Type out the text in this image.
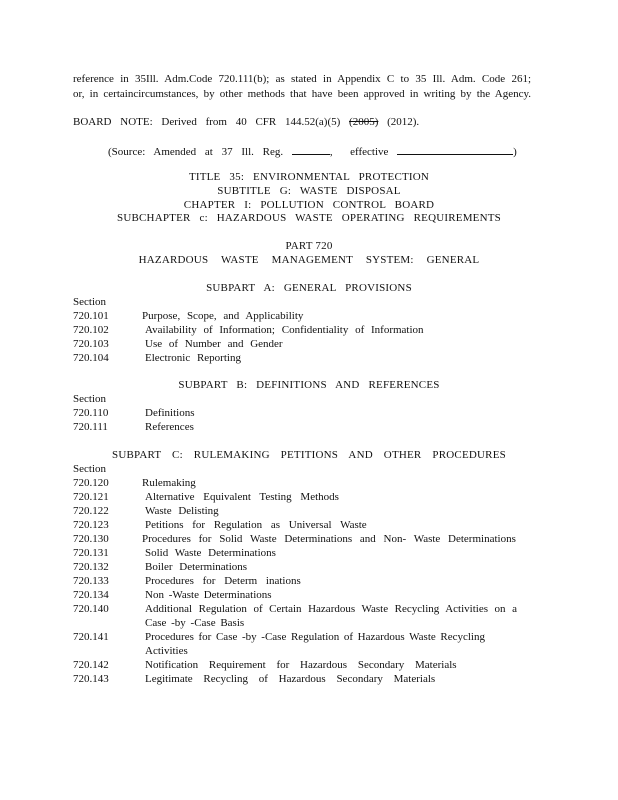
reference in 35Ill. Adm.Code 720.111(b); as stated in Appendix C to 35 Ill. Adm. Code 261;
or, in certaincircumstances, by other methods that have been approved in writing by the Agency.
BOARD NOTE: Derived from 40 CFR 144.52(a)(5) (2005) (2012).
(Source: Amended at 37 Ill. Reg.	, effective	)
TITLE 35: ENVIRONMENTAL PROTECTION
SUBTITLE G: WASTE DISPOSAL
CHAPTER I: POLLUTION CONTROL BOARD
SUBCHAPTER c: HAZARDOUS WASTE OPERATING REQUIREMENTS
PART 720
HAZARDOUS WASTE MANAGEMENT SYSTEM: GENERAL
SUBPART A: GENERAL PROVISIONS
Section
720.101	Purpose, Scope, and Applicability
720.102	Availability of Information; Confidentiality of Information
720.103	Use of Number and Gender
720.104	Electronic Reporting
SUBPART B: DEFINITIONS AND REFERENCES
Section
720.110	Definitions
720.111	References
SUBPART C: RULEMAKING PETITIONS AND OTHER PROCEDURES
Section
720.120	Rulemaking
720.121	Alternative Equivalent Testing Methods
720.122	Waste Delisting
720.123	Petitions for Regulation as Universal Waste
720.130	Procedures for Solid Waste Determinations and Non- Waste Determinations
720.131	Solid Waste Determinations
720.132	Boiler Determinations
720.133	Procedures for Determ inations
720.134	Non -Waste Determinations
720.140	Additional Regulation of Certain Hazardous Waste Recycling Activities on a
Case -by -Case Basis
720.141	Procedures for Case -by -Case Regulation of Hazardous Waste Recycling
Activities
720.142	Notification Requirement for Hazardous Secondary Materials
720.143	Legitimate Recycling of Hazardous Secondary Materials
